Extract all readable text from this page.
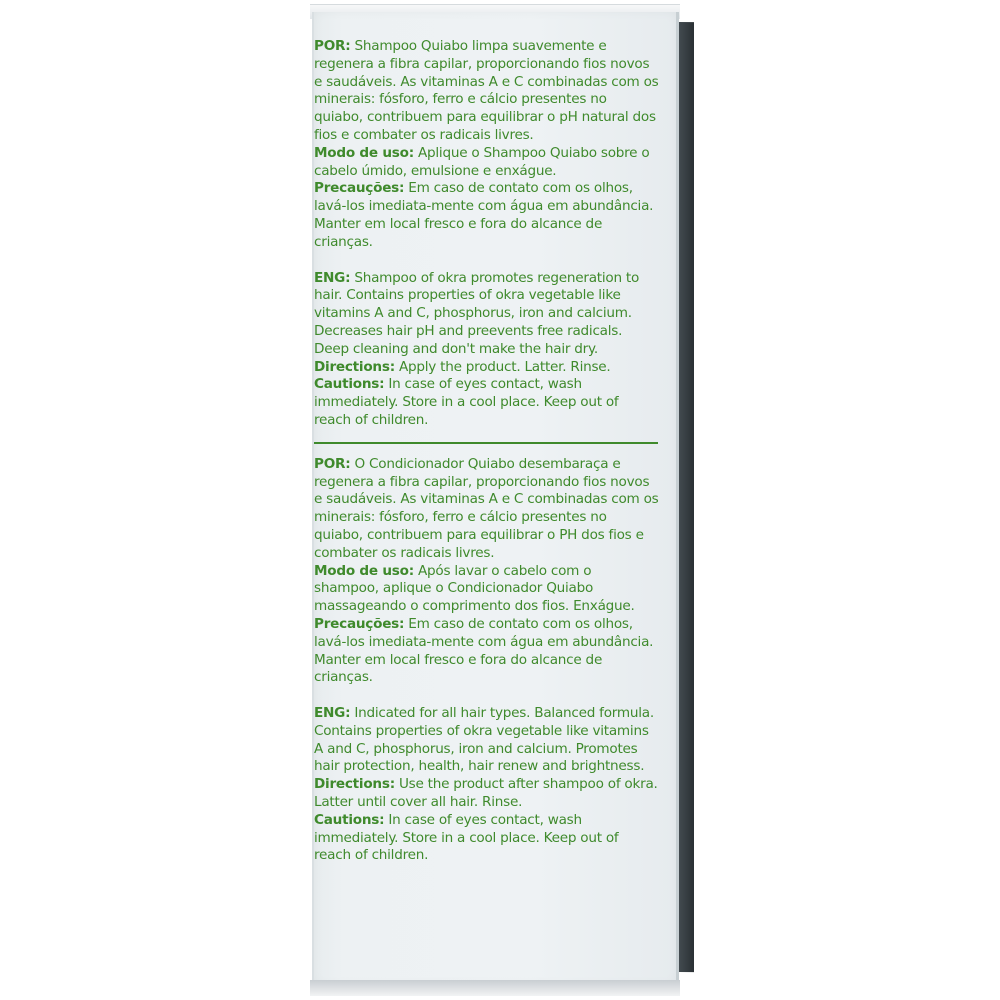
POR: Shampoo Quiabo limpa suavemente e regenera a fibra capilar, proporcionando fios novos e saudáveis. As vitaminas A e C combinadas com os minerais: fósforo, ferro e cálcio presentes no quiabo, contribuem para equilibrar o pH natural dos fios e combater os radicais livres.

Modo de uso: Aplique o Shampoo Quiabo sobre o cabelo úmido, emulsione e enxágue.

Precauções: Em caso de contato com os olhos, lavá-los imediata-mente com água em abundância. Manter em local fresco e fora do alcance de crianças.

ENG: Shampoo of okra promotes regeneration to hair. Contains properties of okra vegetable like vitamins A and C, phosphorus, iron and calcium. Decreases hair pH and preevents free radicals. Deep cleaning and don't make the hair dry.

Directions: Apply the product. Latter. Rinse.

Cautions: In case of eyes contact, wash immediately. Store in a cool place. Keep out of reach of children.

POR: O Condicionador Quiabo desembaraça e regenera a fibra capilar, proporcionando fios novos e saudáveis. As vitaminas A e C combinadas com os minerais: fósforo, ferro e cálcio presentes no quiabo, contribuem para equilibrar o PH dos fios e combater os radicais livres.

Modo de uso: Após lavar o cabelo com o shampoo, aplique o Condicionador Quiabo massageando o comprimento dos fios. Enxágue.

Precauções: Em caso de contato com os olhos, lavá-los imediata-mente com água em abundância. Manter em local fresco e fora do alcance de crianças.

ENG: Indicated for all hair types. Balanced formula. Contains properties of okra vegetable like vitamins A and C, phosphorus, iron and calcium. Promotes hair protection, health, hair renew and brightness.

Directions: Use the product after shampoo of okra. Latter until cover all hair. Rinse.

Cautions: In case of eyes contact, wash immediately. Store in a cool place. Keep out of reach of children.
